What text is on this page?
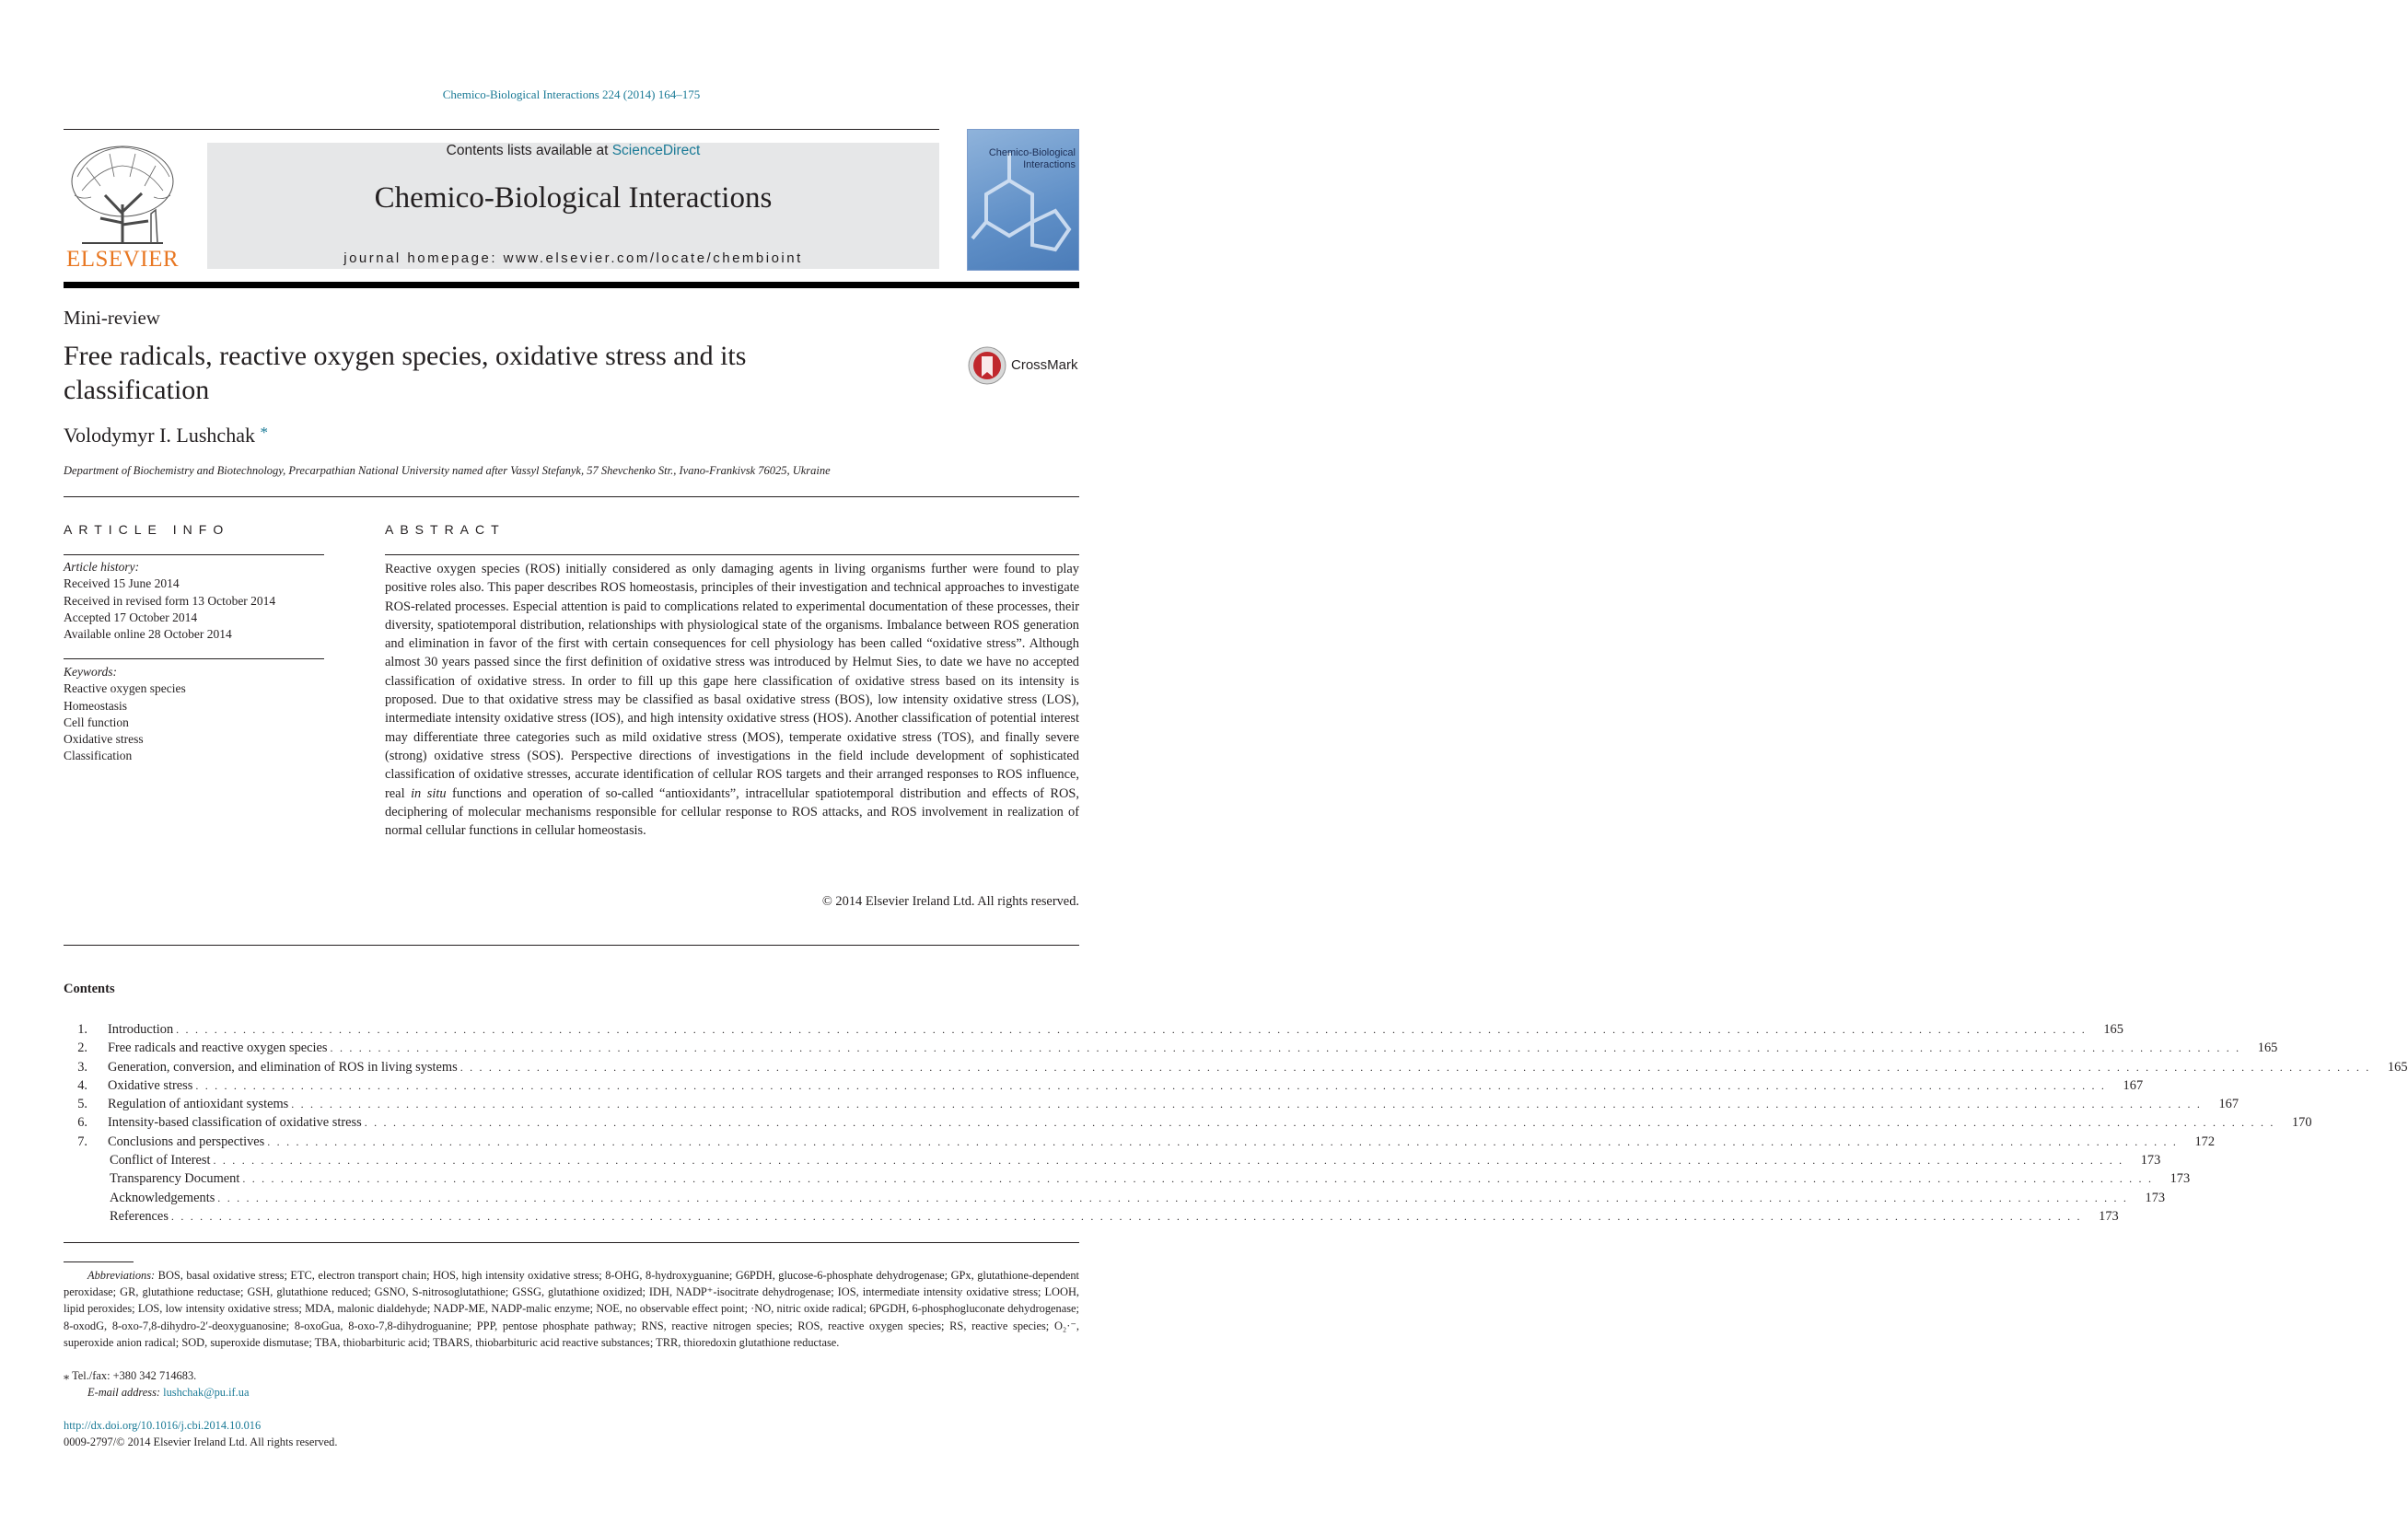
Chemico-Biological Interactions 224 (2014) 164–175
ELSEVIER
Contents lists available at ScienceDirect
Chemico-Biological Interactions
journal homepage: www.elsevier.com/locate/chembioint
Chemico-Biological Interactions
Mini-review
Free radicals, reactive oxygen species, oxidative stress and its classification
CrossMark
Volodymyr I. Lushchak *
Department of Biochemistry and Biotechnology, Precarpathian National University named after Vassyl Stefanyk, 57 Shevchenko Str., Ivano-Frankivsk 76025, Ukraine
ARTICLE INFO
Article history:
Received 15 June 2014
Received in revised form 13 October 2014
Accepted 17 October 2014
Available online 28 October 2014
Keywords:
Reactive oxygen species
Homeostasis
Cell function
Oxidative stress
Classification
ABSTRACT
Reactive oxygen species (ROS) initially considered as only damaging agents in living organisms further were found to play positive roles also. This paper describes ROS homeostasis, principles of their investigation and technical approaches to investigate ROS-related processes. Especial attention is paid to complications related to experimental documentation of these processes, their diversity, spatiotemporal distribution, relationships with physiological state of the organisms. Imbalance between ROS generation and elimination in favor of the first with certain consequences for cell physiology has been called “oxidative stress”. Although almost 30 years passed since the first definition of oxidative stress was introduced by Helmut Sies, to date we have no accepted classification of oxidative stress. In order to fill up this gape here classification of oxidative stress based on its intensity is proposed. Due to that oxidative stress may be classified as basal oxidative stress (BOS), low intensity oxidative stress (LOS), intermediate intensity oxidative stress (IOS), and high intensity oxidative stress (HOS). Another classification of potential interest may differentiate three categories such as mild oxidative stress (MOS), temperate oxidative stress (TOS), and finally severe (strong) oxidative stress (SOS). Perspective directions of investigations in the field include development of sophisticated classification of oxidative stresses, accurate identification of cellular ROS targets and their arranged responses to ROS influence, real in situ functions and operation of so-called “antioxidants”, intracellular spatiotemporal distribution and effects of ROS, deciphering of molecular mechanisms responsible for cellular response to ROS attacks, and ROS involvement in realization of normal cellular functions in cellular homeostasis.
© 2014 Elsevier Ireland Ltd. All rights reserved.
Contents
1.	Introduction . . . . . . . . . . . . . . . . . . . . . . . . . . . . . . . . . . . . . . . . . . . . . . . . . . . . . . . . . . . . . . . . . . . . . . . . . . . . . . . . . . . . . . . . . . . . . . . . . . . . . . . . . . . . . . . . . . . . . . . . . . . . . . . . . . . . . . . . . . . . . . . . . . . . . . . . . . . . . . . . . . . . . . . . . . . . . . . . . . . . . . . . . . . . . . . . . . . . . . . .	165
2.	Free radicals and reactive oxygen species . . . . . . . . . . . . . . . . . . . . . . . . . . . . . . . . . . . . . . . . . . . . . . . . . . . . . . . . . . . . . . . . . . . . . . . . . . . . . . . . . . . . . . . . . . . . . . . . . . . . . . . . . . . . . . . . . . . . . . . . . . . . . . . . . . . . . . . . . . . . . . . . . . . . . . . . . . . . . . . . . . . . . . . . . . . . . . . . . . . . . . . . . . . . . . . . . . . . . . . .	165
3.	Generation, conversion, and elimination of ROS in living systems . . . . . . . . . . . . . . . . . . . . . . . . . . . . . . . . . . . . . . . . . . . . . . . . . . . . . . . . . . . . . . . . . . . . . . . . . . . . . . . . . . . . . . . . . . . . . . . . . . . . . . . . . . . . . . . . . . . . . . . . . . . . . . . . . . . . . . . . . . . . . . . . . . . . . . . . . . . . . . . . . . . . . . . . . . . . . . . . . . . . . . . . . . . . . . . . . . . . . . . .	165
4.	Oxidative stress . . . . . . . . . . . . . . . . . . . . . . . . . . . . . . . . . . . . . . . . . . . . . . . . . . . . . . . . . . . . . . . . . . . . . . . . . . . . . . . . . . . . . . . . . . . . . . . . . . . . . . . . . . . . . . . . . . . . . . . . . . . . . . . . . . . . . . . . . . . . . . . . . . . . . . . . . . . . . . . . . . . . . . . . . . . . . . . . . . . . . . . . . . . . . . . . . . . . . . . .	167
5.	Regulation of antioxidant systems . . . . . . . . . . . . . . . . . . . . . . . . . . . . . . . . . . . . . . . . . . . . . . . . . . . . . . . . . . . . . . . . . . . . . . . . . . . . . . . . . . . . . . . . . . . . . . . . . . . . . . . . . . . . . . . . . . . . . . . . . . . . . . . . . . . . . . . . . . . . . . . . . . . . . . . . . . . . . . . . . . . . . . . . . . . . . . . . . . . . . . . . . . . . . . . . . . . . . . . .	167
6.	Intensity-based classification of oxidative stress . . . . . . . . . . . . . . . . . . . . . . . . . . . . . . . . . . . . . . . . . . . . . . . . . . . . . . . . . . . . . . . . . . . . . . . . . . . . . . . . . . . . . . . . . . . . . . . . . . . . . . . . . . . . . . . . . . . . . . . . . . . . . . . . . . . . . . . . . . . . . . . . . . . . . . . . . . . . . . . . . . . . . . . . . . . . . . . . . . . . . . . . . . . . . . . . . . . . . . . .	170
7.	Conclusions and perspectives . . . . . . . . . . . . . . . . . . . . . . . . . . . . . . . . . . . . . . . . . . . . . . . . . . . . . . . . . . . . . . . . . . . . . . . . . . . . . . . . . . . . . . . . . . . . . . . . . . . . . . . . . . . . . . . . . . . . . . . . . . . . . . . . . . . . . . . . . . . . . . . . . . . . . . . . . . . . . . . . . . . . . . . . . . . . . . . . . . . . . . . . . . . . . . . . . . . . . . . .	172
Conflict of Interest . . . . . . . . . . . . . . . . . . . . . . . . . . . . . . . . . . . . . . . . . . . . . . . . . . . . . . . . . . . . . . . . . . . . . . . . . . . . . . . . . . . . . . . . . . . . . . . . . . . . . . . . . . . . . . . . . . . . . . . . . . . . . . . . . . . . . . . . . . . . . . . . . . . . . . . . . . . . . . . . . . . . . . . . . . . . . . . . . . . . . . . . . . . . . . . . . . . . . . . .	173
Transparency Document . . . . . . . . . . . . . . . . . . . . . . . . . . . . . . . . . . . . . . . . . . . . . . . . . . . . . . . . . . . . . . . . . . . . . . . . . . . . . . . . . . . . . . . . . . . . . . . . . . . . . . . . . . . . . . . . . . . . . . . . . . . . . . . . . . . . . . . . . . . . . . . . . . . . . . . . . . . . . . . . . . . . . . . . . . . . . . . . . . . . . . . . . . . . . . . . . . . . . . . .	173
Acknowledgements . . . . . . . . . . . . . . . . . . . . . . . . . . . . . . . . . . . . . . . . . . . . . . . . . . . . . . . . . . . . . . . . . . . . . . . . . . . . . . . . . . . . . . . . . . . . . . . . . . . . . . . . . . . . . . . . . . . . . . . . . . . . . . . . . . . . . . . . . . . . . . . . . . . . . . . . . . . . . . . . . . . . . . . . . . . . . . . . . . . . . . . . . . . . . . . . . . . . . . . .	173
References . . . . . . . . . . . . . . . . . . . . . . . . . . . . . . . . . . . . . . . . . . . . . . . . . . . . . . . . . . . . . . . . . . . . . . . . . . . . . . . . . . . . . . . . . . . . . . . . . . . . . . . . . . . . . . . . . . . . . . . . . . . . . . . . . . . . . . . . . . . . . . . . . . . . . . . . . . . . . . . . . . . . . . . . . . . . . . . . . . . . . . . . . . . . . . . . . . . . . . . .	173
Abbreviations: BOS, basal oxidative stress; ETC, electron transport chain; HOS, high intensity oxidative stress; 8-OHG, 8-hydroxyguanine; G6PDH, glucose-6-phosphate dehydrogenase; GPx, glutathione-dependent peroxidase; GR, glutathione reductase; GSH, glutathione reduced; GSNO, S-nitrosoglutathione; GSSG, glutathione oxidized; IDH, NADP⁺-isocitrate dehydrogenase; IOS, intermediate intensity oxidative stress; LOOH, lipid peroxides; LOS, low intensity oxidative stress; MDA, malonic dialdehyde; NADP-ME, NADP-malic enzyme; NOE, no observable effect point; ·NO, nitric oxide radical; 6PGDH, 6-phosphogluconate dehydrogenase; 8-oxodG, 8-oxo-7,8-dihydro-2′-deoxyguanosine; 8-oxoGua, 8-oxo-7,8-dihydroguanine; PPP, pentose phosphate pathway; RNS, reactive nitrogen species; ROS, reactive oxygen species; RS, reactive species; O₂·⁻, superoxide anion radical; SOD, superoxide dismutase; TBA, thiobarbituric acid; TBARS, thiobarbituric acid reactive substances; TRR, thioredoxin glutathione reductase.
⁎ Tel./fax: +380 342 714683.
E-mail address: lushchak@pu.if.ua
http://dx.doi.org/10.1016/j.cbi.2014.10.016
0009-2797/© 2014 Elsevier Ireland Ltd. All rights reserved.
